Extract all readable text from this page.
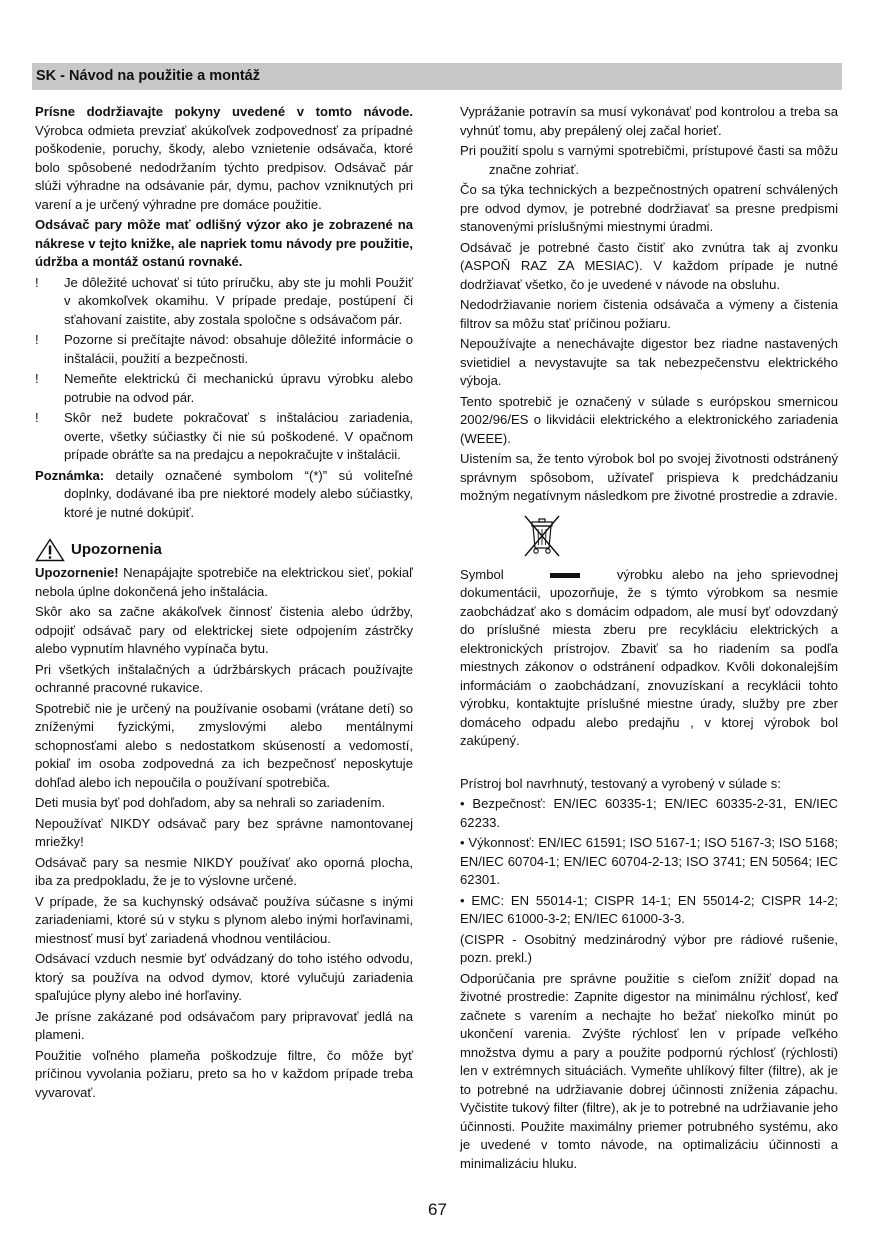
SK - Návod na použitie a montáž

Prísne dodržiavajte pokyny uvedené v tomto návode. Výrobca odmieta prevziať akúkoľvek zodpovednosť za prípadné poškodenie, poruchy, škody, alebo vznietenie odsávača, ktoré bolo spôsobené nedodržaním týchto predpisov. Odsávač pár slúži výhradne na odsávanie pár, dymu, pachov vzniknutých pri varení a je určený výhradne pre domáce použitie.

Odsávač pary môže mať odlišný výzor ako je zobrazené na nákrese v tejto knižke, ale napriek tomu návody pre použitie, údržba a montáž ostanú rovnaké.

!	Je dôležité uchovať si túto príručku, aby ste ju mohli Použiť v akomkoľvek okamihu. V prípade predaje, postúpení či sťahovaní zaistite, aby zostala spoločne s odsávačom pár.
!	Pozorne si prečítajte návod: obsahuje dôležité informácie o inštalácii, použití a bezpečnosti.
!	Nemeňte elektrickú či mechanickú úpravu výrobku alebo potrubie na odvod pár.
!	Skôr než budete pokračovať s inštaláciou zariadenia, overte, všetky súčiastky či nie sú poškodené. V opačnom prípade obráťte sa na predajcu a nepokračujte v inštalácii.

Poznámka: detaily označené symbolom “(*)” sú voliteľné doplnky, dodávané iba pre niektoré modely alebo súčiastky, ktoré je nutné dokúpiť.

Upozornenia

Upozornenie! Nenapájajte spotrebiče na elektrickou sieť, pokiaľ nebola úplne dokončená jeho inštalácia.

Skôr ako sa začne akákoľvek činnosť čistenia alebo údržby, odpojiť odsávač pary od elektrickej siete odpojením zástrčky alebo vypnutím hlavného vypínača bytu.

Pri všetkých inštalačných a údržbárskych prácach používajte ochranné pracovné rukavice.

Spotrebič nie je určený na používanie osobami (vrátane detí) so zníženými fyzickými, zmyslovými alebo mentálnymi schopnosťami alebo s nedostatkom skúseností a vedomostí, pokiaľ im osoba zodpovedná za ich bezpečnosť neposkytuje dohľad alebo ich nepoučila o používaní spotrebiča.

Deti musia byť pod dohľadom, aby sa nehrali so zariadením.

Nepoužívať NIKDY odsávač pary bez správne namontovanej mriežky!

Odsávač pary sa nesmie NIKDY používať ako oporná plocha, iba za predpokladu, že je to výslovne určené.

V prípade, že sa kuchynský odsávač používa súčasne s inými zariadeniami, ktoré sú v styku s plynom alebo inými horľavinami, miestnosť musí byť zariadená vhodnou ventiláciou.

Odsávací vzduch nesmie byť odvádzaný do toho istého odvodu, ktorý sa používa na odvod dymov, ktoré vylučujú zariadenia spaľujúce plyny alebo iné horľaviny.

Je prísne zakázané pod odsávačom pary pripravovať jedlá na plameni.

Použitie voľného plameňa poškodzuje filtre, čo môže byť príčinou vyvolania požiaru, preto sa ho v každom prípade treba vyvarovať.

Vyprážanie potravín sa musí vykonávať pod kontrolou a treba sa vyhnúť tomu, aby prepálený olej začal horieť.

Pri použití spolu s varnými spotrebičmi, prístupové časti sa môžu značne zohriať.

Čo sa týka technických a bezpečnostných opatrení schválených pre odvod dymov, je potrebné dodržiavať sa presne predpismi stanovenými príslušnými miestnymi úradmi.

Odsávač je potrebné často čistiť ako zvnútra tak aj zvonku (ASPOŇ RAZ ZA MESIAC). V každom prípade je nutné dodržiavať všetko, čo je uvedené v návode na obsluhu.

Nedodržiavanie noriem čistenia odsávača a výmeny a čistenia filtrov sa môžu stať príčinou požiaru.

Nepoužívajte a nenechávajte digestor bez riadne nastavených svietidiel a nevystavujte sa tak nebezpečenstvu elektrického výboja.

Tento spotrebič je označený v súlade s európskou smernicou 2002/96/ES o likvidácii elektrického a elektronického zariadenia (WEEE).

Uistením sa, že tento výrobok bol po svojej životnosti odstránený správnym spôsobom, užívateľ prispieva k predchádzaniu možným negatívnym následkom pre životné prostredie a zdravie.

Symbol	výrobku alebo na jeho sprievodnej dokumentácii, upozorňuje, že s týmto výrobkom sa nesmie zaobchádzať ako s domácim odpadom, ale musí byť odovzdaný do príslušné miesta zberu pre recykláciu elektrických a elektronických prístrojov. Zbaviť sa ho riadením sa podľa miestnych zákonov o odstránení odpadkov. Kvôli dokonalejším informáciám o zaobchádzaní, znovuzískaní a recyklácii tohto výrobku, kontaktujte príslušné miestne úrady, služby pre zber domáceho odpadu alebo predajňu , v ktorej výrobok bol zakúpený.

Prístroj bol navrhnutý, testovaný a vyrobený v súlade s:

• Bezpečnosť: EN/IEC 60335-1; EN/IEC 60335-2-31, EN/IEC 62233.

• Výkonnosť: EN/IEC 61591; ISO 5167-1; ISO 5167-3; ISO 5168; EN/IEC 60704-1; EN/IEC 60704-2-13; ISO 3741; EN 50564; IEC 62301.

• EMC: EN 55014-1; CISPR 14-1; EN 55014-2; CISPR 14-2; EN/IEC 61000-3-2; EN/IEC 61000-3-3.

(CISPR - Osobitný medzinárodný výbor pre rádiové rušenie, pozn. prekl.)

Odporúčania pre správne použitie s cieľom znížiť dopad na životné prostredie: Zapnite digestor na minimálnu rýchlosť, keď začnete s varením a nechajte ho bežať niekoľko minút po ukončení varenia. Zvýšte rýchlosť len v prípade veľkého množstva dymu a pary a použite podpornú rýchlosť (rýchlosti) len v extrémnych situáciách. Vymeňte uhlíkový filter (filtre), ak je to potrebné na udržiavanie dobrej účinnosti zníženia zápachu. Vyčistite tukový filter (filtre), ak je to potrebné na udržiavanie jeho účinnosti. Použite maximálny priemer potrubného systému, ako je uvedené v tomto návode, na optimalizáciu účinnosti a minimalizáciu hluku.

67
